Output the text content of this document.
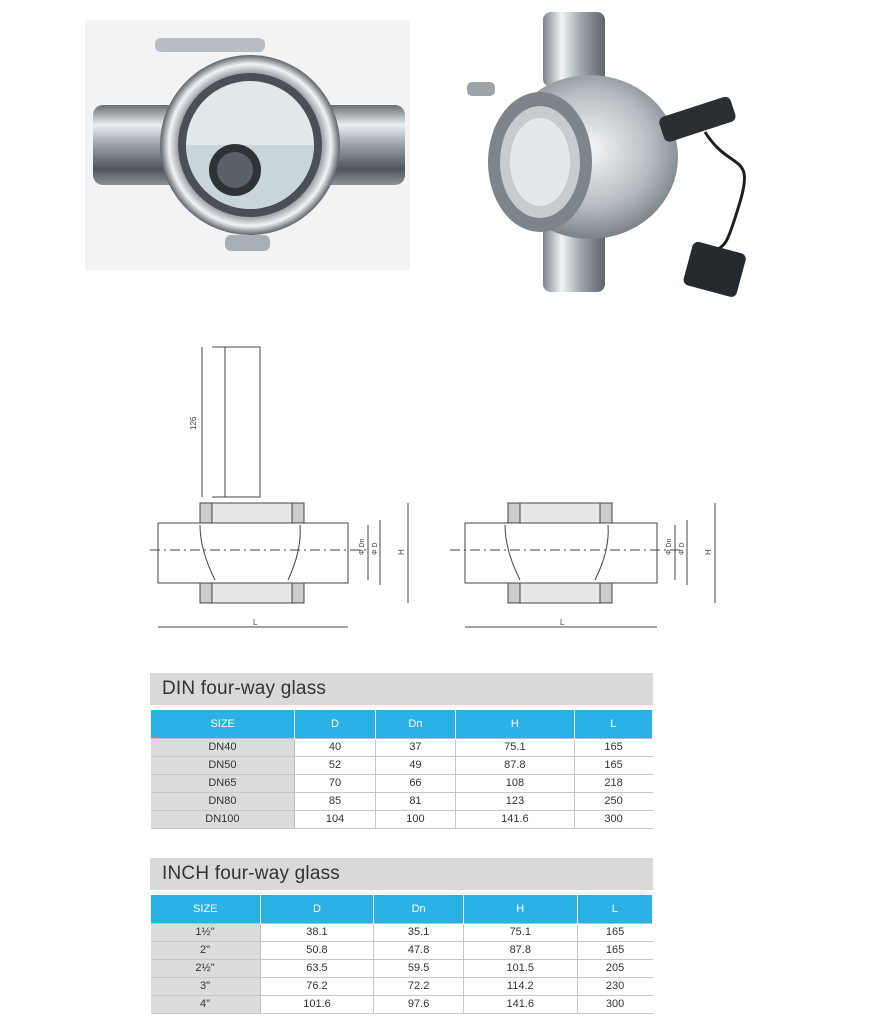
126
L
Φ Dn Φ D H
L
Φ Dn Φ D H
DIN four-way glass
SIZE	D	Dn	H	L
DN40	40	37	75.1	165
DN50	52	49	87.8	165
DN65	70	66	108	218
DN80	85	81	123	250
DN100	104	100	141.6	300
INCH four-way glass
SIZE	D	Dn	H	L
1½"	38.1	35.1	75.1	165
2"	50.8	47.8	87.8	165
2½"	63.5	59.5	101.5	205
3"	76.2	72.2	114.2	230
4"	101.6	97.6	141.6	300
